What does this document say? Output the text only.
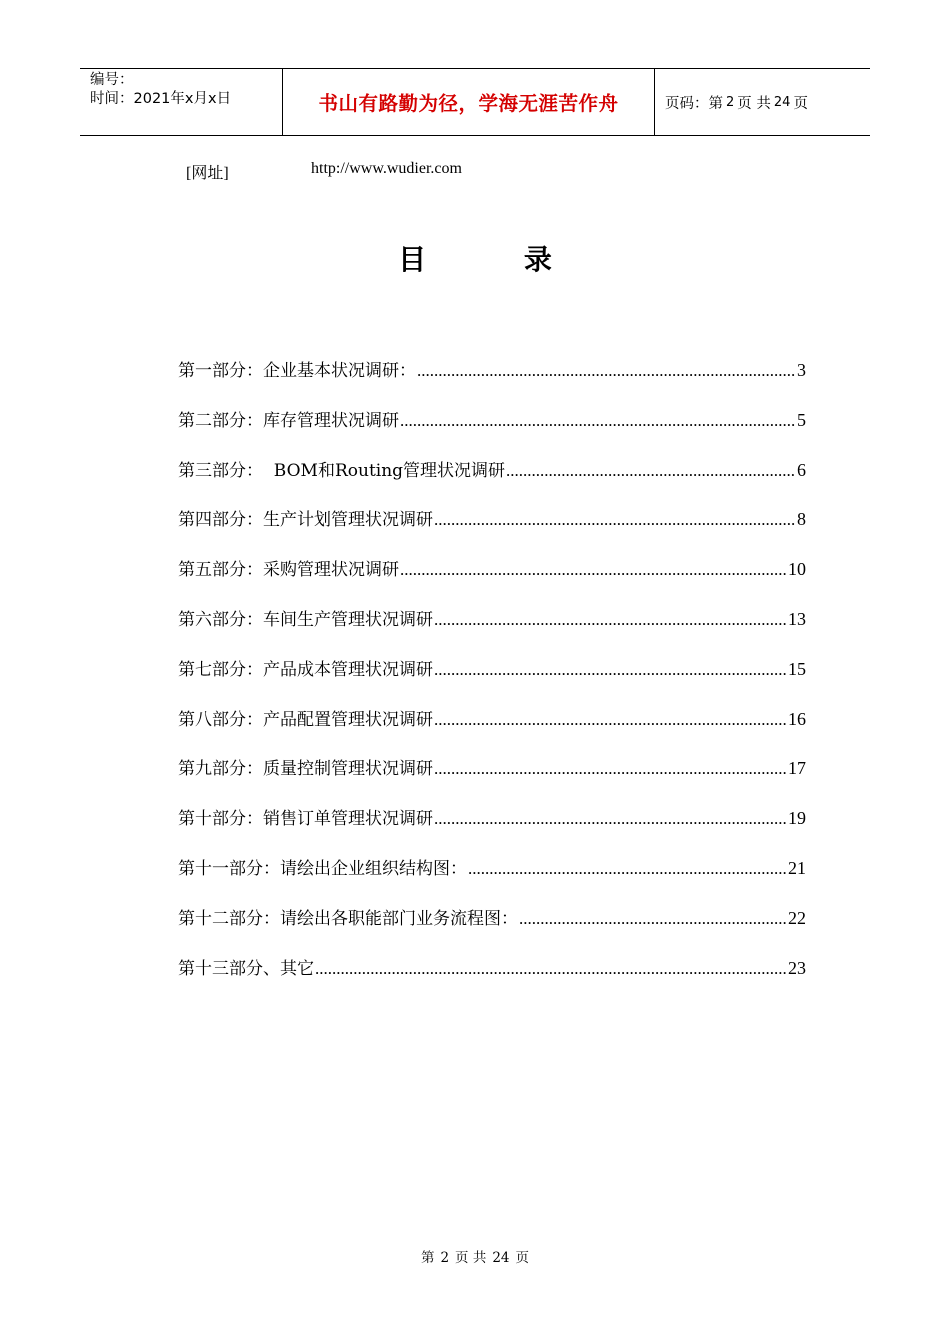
编号：
时间：2021年x月x日	书山有路勤为径，学海无涯苦作舟	页码：第 2 页 共 24 页
[网址]	http://www.wudier.com
目	录
第一部分：企业基本状况调研： .....	3
第二部分：库存管理状况调研 .....	5
第三部分：  BOM和Routing管理状况调研 .....	6
第四部分：生产计划管理状况调研 .....	8
第五部分：采购管理状况调研 .....	10
第六部分：车间生产管理状况调研 .....	13
第七部分：产品成本管理状况调研 .....	15
第八部分：产品配置管理状况调研 .....	16
第九部分：质量控制管理状况调研 .....	17
第十部分：销售订单管理状况调研 .....	19
第十一部分：请绘出企业组织结构图： .....	21
第十二部分：请绘出各职能部门业务流程图： .....	22
第十三部分、其它 .....	23
第 2 页 共 24 页
